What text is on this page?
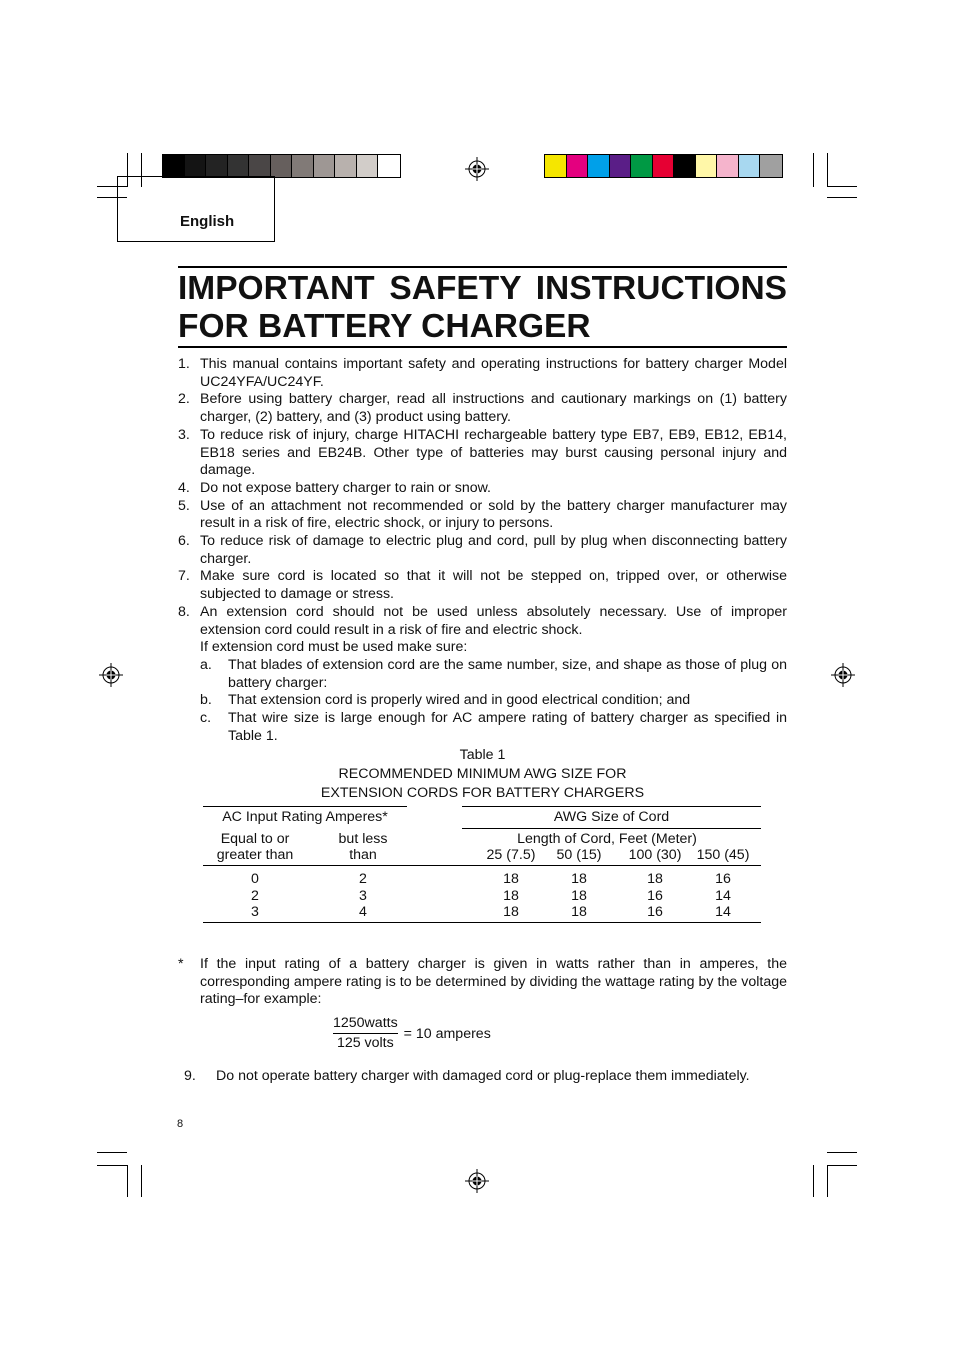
English
IMPORTANT SAFETY INSTRUCTIONS
FOR BATTERY CHARGER
1. This manual contains important safety and operating instructions for battery charger Model UC24YFA/UC24YF.
2. Before using battery charger, read all instructions and cautionary markings on (1) battery charger, (2) battery, and (3) product using battery.
3. To reduce risk of injury, charge HITACHI rechargeable battery type EB7, EB9, EB12, EB14, EB18 series and EB24B. Other type of batteries may burst causing personal injury and damage.
4. Do not expose battery charger to rain or snow.
5. Use of an attachment not recommended or sold by the battery charger manufacturer may result in a risk of fire, electric shock, or injury to persons.
6. To reduce risk of damage to electric plug and cord, pull by plug when disconnecting battery charger.
7. Make sure cord is located so that it will not be stepped on, tripped over, or otherwise subjected to damage or stress.
8. An extension cord should not be used unless absolutely necessary. Use of improper extension cord could result in a risk of fire and electric shock.
If extension cord must be used make sure:
a.	That blades of extension cord are the same number, size, and shape as those of plug on battery charger:
b.	That extension cord is properly wired and in good electrical condition; and
c.	That wire size is large enough for AC ampere rating of battery charger as specified in Table 1.
Table 1
RECOMMENDED MINIMUM AWG SIZE FOR
EXTENSION CORDS FOR BATTERY CHARGERS
AC Input Rating Amperes*	AWG Size of Cord
Equal to or
greater than
but less
than
Length of Cord, Feet (Meter)
25 (7.5)	50 (15)	100 (30)	150 (45)
0	2	18	18	18	16
2	3	18	18	16	14
3	4	18	18	16	14
*	If the input rating of a battery charger is given in watts rather than in amperes, the corresponding ampere rating is to be determined by dividing the wattage rating by the voltage rating–for example:
1250watts
125 volts
= 10 amperes
9.	Do not operate battery charger with damaged cord or plug-replace them immediately.
8
